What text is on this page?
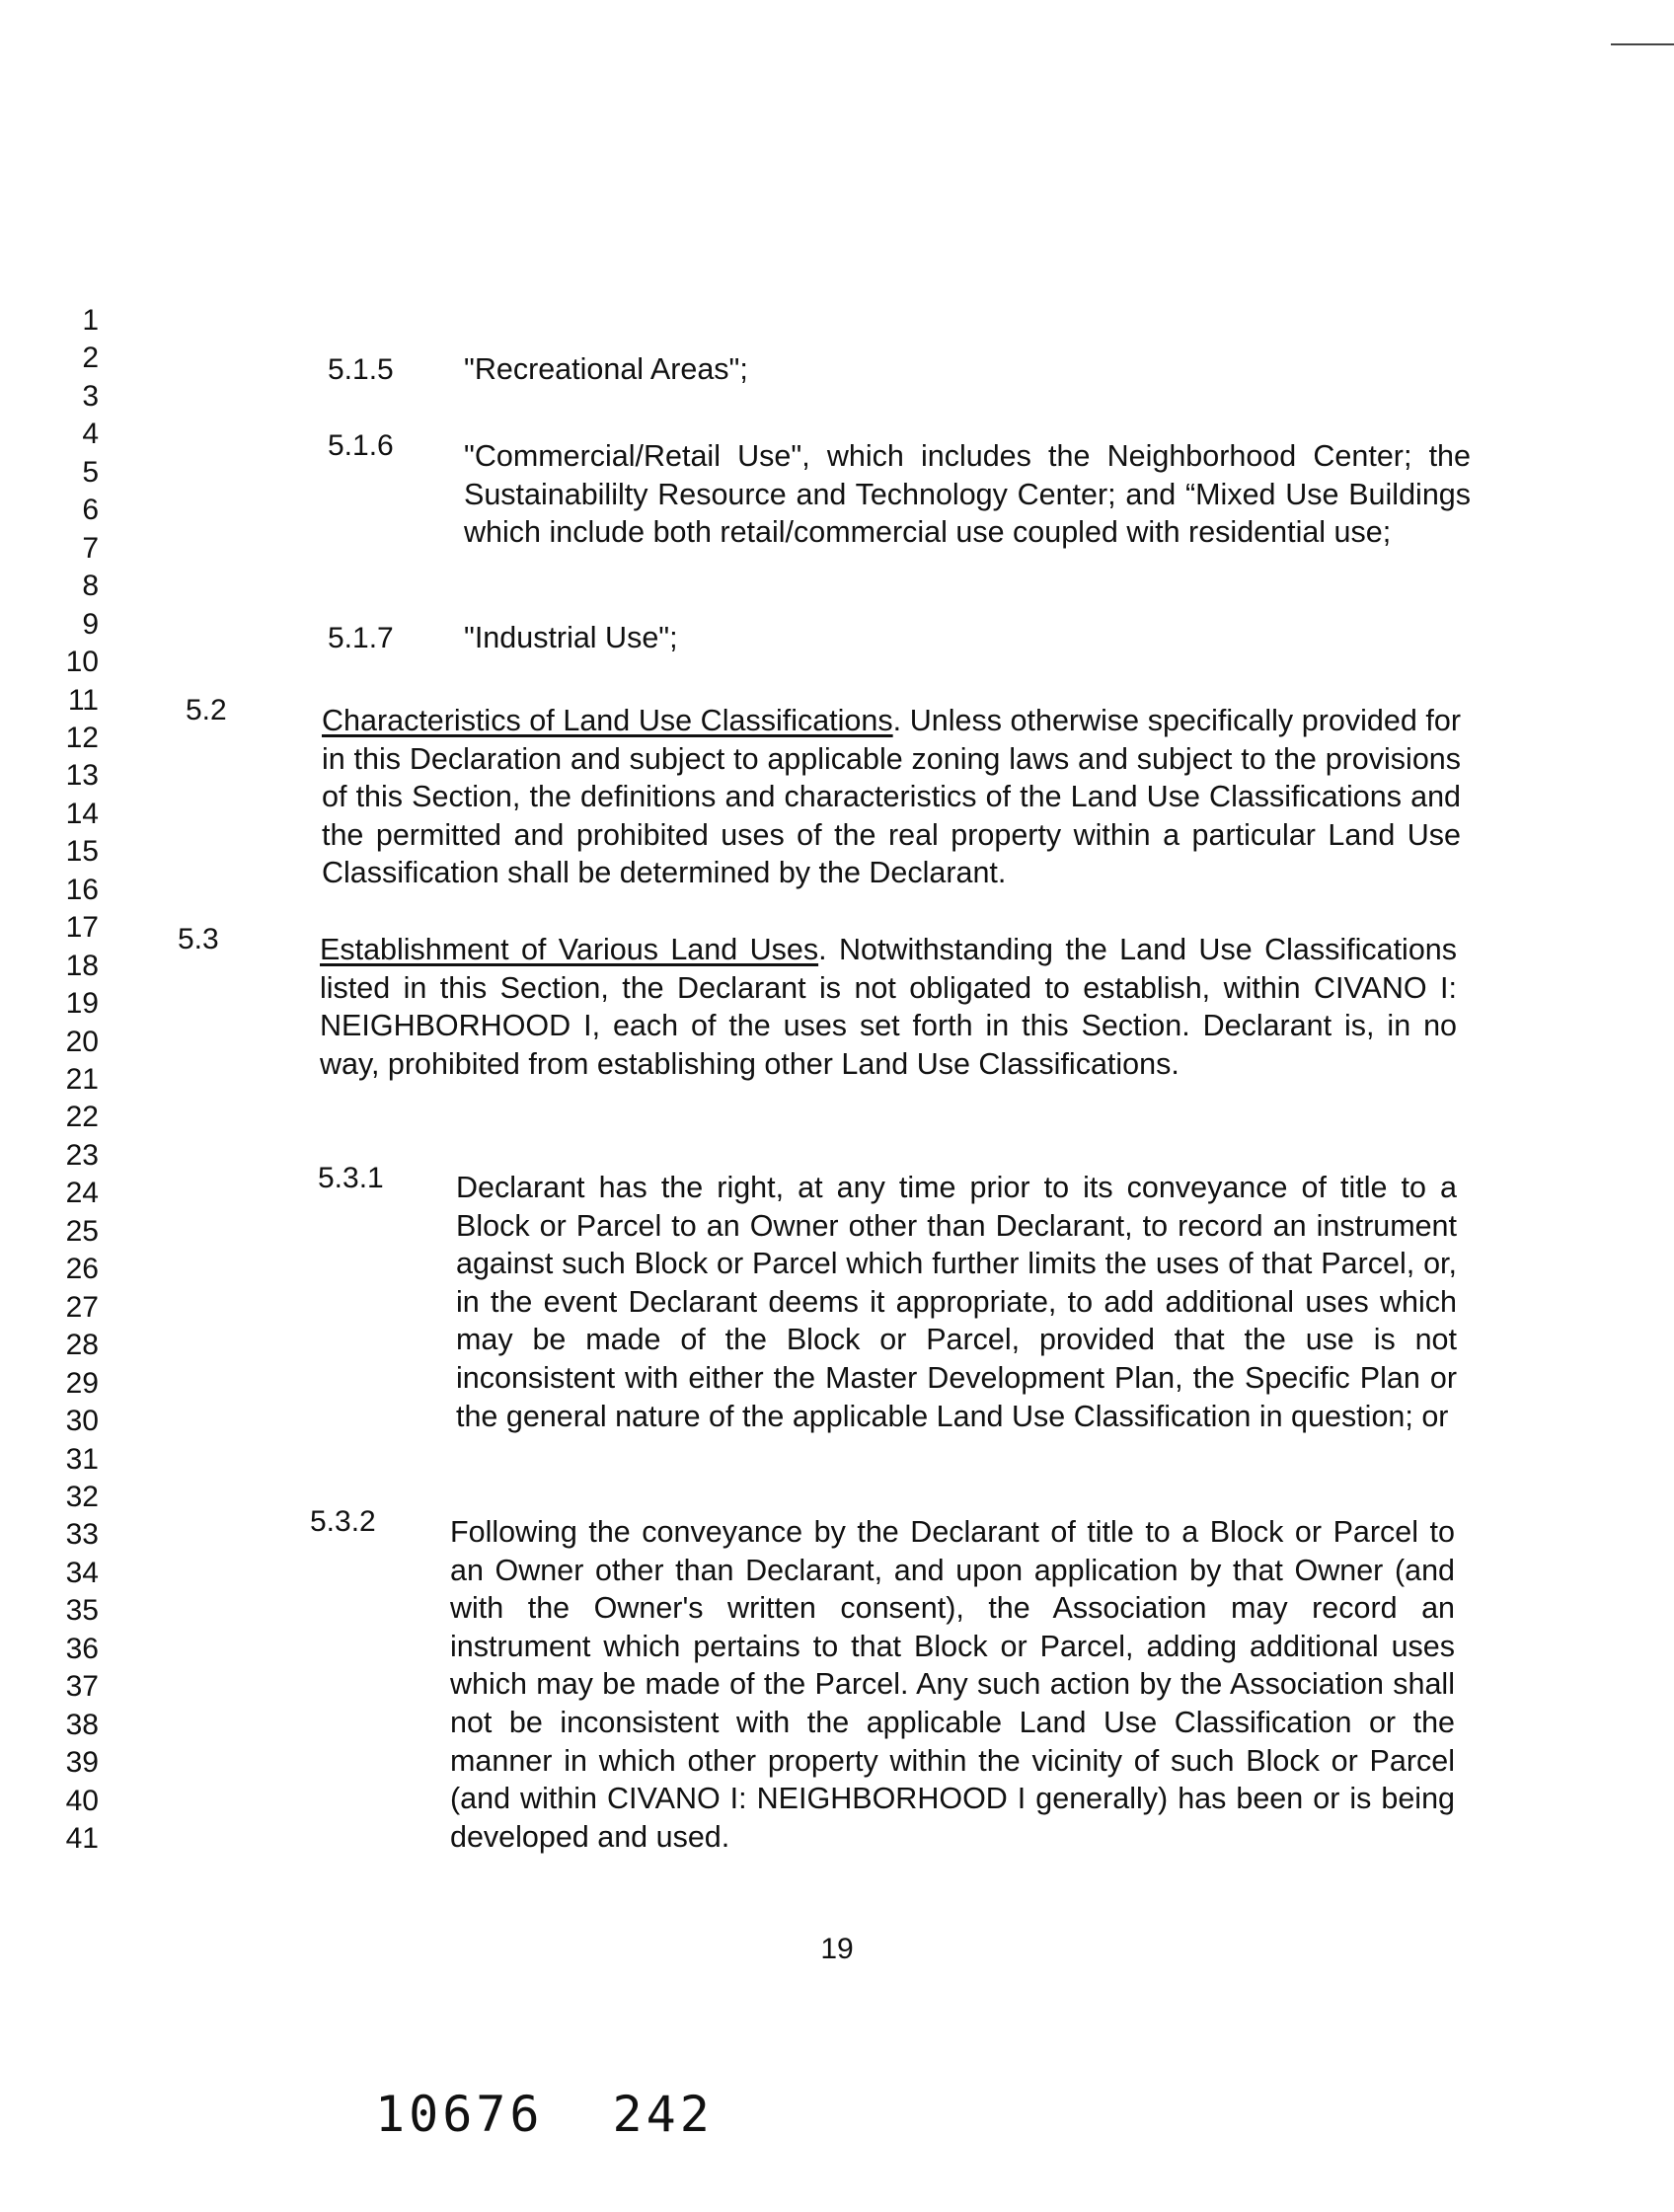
1
2
3
4
5
6
7
8
9
10
11
12
13
14
15
16
17
18
19
20
21
22
23
24
25
26
27
28
29
30
31
32
33
34
35
36
37
38
39
40
41
5.1.5 "Recreational Areas";
5.1.6 "Commercial/Retail Use", which includes the Neighborhood Center; the Sustainabililty Resource and Technology Center; and “Mixed Use Buildings which include both retail/commercial use coupled with residential use;
5.1.7 "Industrial Use";
5.2	Characteristics of Land Use Classifications. Unless otherwise specifically provided for in this Declaration and subject to applicable zoning laws and subject to the provisions of this Section, the definitions and characteristics of the Land Use Classifications and the permitted and prohibited uses of the real property within a particular Land Use Classification shall be determined by the Declarant.
5.3	Establishment of Various Land Uses. Notwithstanding the Land Use Classifications listed in this Section, the Declarant is not obligated to establish, within CIVANO I: NEIGHBORHOOD I, each of the uses set forth in this Section. Declarant is, in no way, prohibited from establishing other Land Use Classifications.
5.3.1 Declarant has the right, at any time prior to its conveyance of title to a Block or Parcel to an Owner other than Declarant, to record an instrument against such Block or Parcel which further limits the uses of that Parcel, or, in the event Declarant deems it appropriate, to add additional uses which may be made of the Block or Parcel, provided that the use is not inconsistent with either the Master Development Plan, the Specific Plan or the general nature of the applicable Land Use Classification in question; or
5.3.2 Following the conveyance by the Declarant of title to a Block or Parcel to an Owner other than Declarant, and upon application by that Owner (and with the Owner's written consent), the Association may record an instrument which pertains to that Block or Parcel, adding additional uses which may be made of the Parcel. Any such action by the Association shall not be inconsistent with the applicable Land Use Classification or the manner in which other property within the vicinity of such Block or Parcel (and within CIVANO I: NEIGHBORHOOD I generally) has been or is being developed and used.
19
10676 242
